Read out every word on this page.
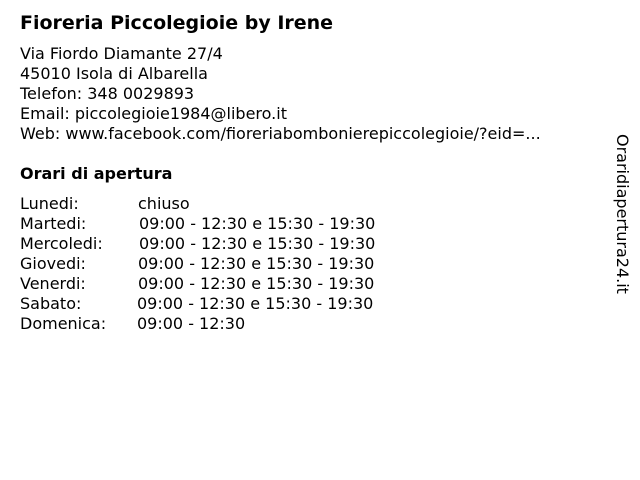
Fioreria Piccolegioie by Irene
Via Fiordo Diamante 27/4
45010 Isola di Albarella
Telefon: 348 0029893
Email: piccolegioie1984@libero.it
Web: www.facebook.com/fioreriabombonierepiccolegioie/?eid=...
Orari di apertura
Lunedi:	chiuso
Martedi:	09:00 - 12:30 e 15:30 - 19:30
Mercoledi: 09:00 - 12:30 e 15:30 - 19:30
Giovedi:	09:00 - 12:30 e 15:30 - 19:30
Venerdi:	09:00 - 12:30 e 15:30 - 19:30
Sabato:	09:00 - 12:30 e 15:30 - 19:30
Domenica: 09:00 - 12:30
Oraridiapertura24.it
